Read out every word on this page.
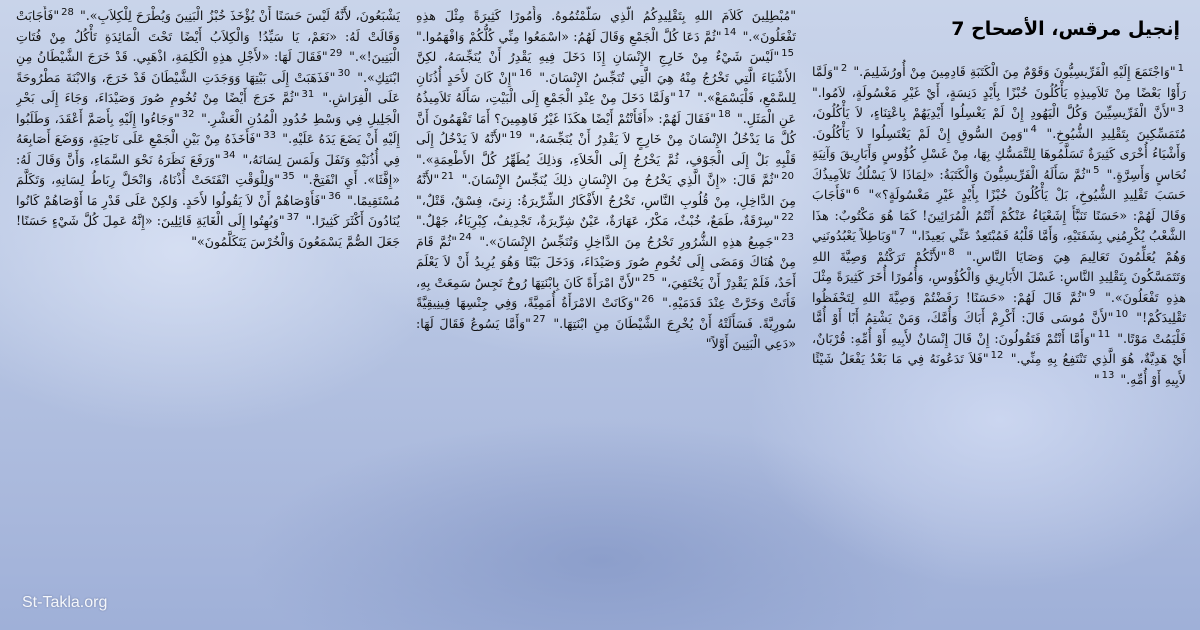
إنجيل مرقس، الأصحاح 7
$^1$"وَاجْتَمَعَ إِلَيْهِ الْفَرِّيسِيُّونَ وَقَوْمٌ مِنَ الْكَتَبَةِ قَادِمِينَ مِنْ أُورُشَلِيمَ." $^2$"وَلَمَّا رَأَوْا بَعْضًا مِنْ تَلاَمِيذِهِ يَأْكُلُونَ خُبْزًا بِأَيْدٍ دَنِسَةٍ، أَيْ غَيْرِ مَغْسُولَةٍ، لاَمُوا." $^3$"لأَنَّ الْفَرِّيسِيِّينَ وَكُلَّ الْيَهُودِ إِنْ لَمْ يَغْسِلُوا أَيْدِيَهُمْ بِاعْتِنَاءٍ، لاَ يَأْكُلُونَ، مُتَمَسِّكِينَ بِتَقْلِيدِ الشُّيُوخِ." $^4$"وَمِنَ السُّوقِ إِنْ لَمْ يَغْتَسِلُوا لاَ يَأْكُلُونَ. وَأَشْيَاءُ أُخْرَى كَثِيرَةٌ تَسَلَّمُوهَا لِلتَّمَسُّكِ بِهَا، مِنْ غَسْلِ كُؤُوسٍ وَأَبَارِيقَ وَآنِيَةِ نُحَاسٍ وَأَسِرَّةٍ." $^5$"ثُمَّ سَأَلَهُ الْفَرِّيسِيُّونَ وَالْكَتَبَةُ: «لِمَاذَا لاَ يَسْلُكُ تَلاَمِيذُكَ حَسَبَ تَقْلِيدِ الشُّيُوخِ، بَلْ يَأْكُلُونَ خُبْزًا بِأَيْدٍ غَيْرِ مَغْسُولَةٍ؟»" $^6$"فَأَجَابَ وَقَالَ لَهُمْ: «حَسَنًا تَنَبَّأَ إِشَعْيَاءُ عَنْكُمْ أَنْتُمُ الْمُرَائِينَ! كَمَا هُوَ مَكْتُوبٌ: هذَا الشَّعْبُ يُكْرِمُنِي بِشَفَتَيْهِ، وَأَمَّا قَلْبُهُ فَمُبْتَعِدٌ عَنِّي بَعِيدًا،" $^7$"وَبَاطِلاً يَعْبُدُونَنِي وَهُمْ يُعَلِّمُونَ تَعَالِيمَ هِيَ وَصَايَا النَّاسِ." $^8$"لأَنَّكُمْ تَرَكْتُمْ وَصِيَّةَ اللهِ وَتَتَمَسَّكُونَ بِتَقْلِيدِ النَّاسِ: غَسْلَ الأَبَارِيقِ وَالْكُؤُوسِ، وَأُمُورًا أُخَرَ كَثِيرَةً مِثْلَ هذِهِ تَفْعَلُونَ»." $^9$"ثُمَّ قَالَ لَهُمْ: «حَسَنًا! رَفَضْتُمْ وَصِيَّةَ اللهِ لِتَحْفَظُوا تَقْلِيدَكُمْ!" $^{10}$"لأَنَّ مُوسَى قَالَ: أَكْرِمْ أَبَاكَ وَأُمَّكَ، وَمَنْ يَشْتِمُ أَبًا أَوْ أُمًّا فَلْيَمُتْ مَوْتًا." $^{11}$"وَأَمَّا أَنْتُمْ فَتَقُولُونَ: إِنْ قَالَ إِنْسَانٌ لأَبِيهِ أَوْ أُمِّهِ: قُرْبَانٌ، أَيْ هَدِيَّةٌ، هُوَ الَّذِي تَنْتَفِعُ بِهِ مِنِّي." $^{12}$"فَلاَ تَدَعُونَهُ فِي مَا بَعْدُ يَفْعَلُ شَيْئًا لأَبِيهِ أَوْ أُمِّهِ." $^{13}$"
"مُبْطِلِينَ كَلاَمَ اللهِ بِتَقْلِيدِكُمُ الَّذِي سَلَّمْتُمُوهُ. وَأُمُورًا كَثِيرَةً مِثْلَ هذِهِ تَفْعَلُونَ»." $^{14}$"ثُمَّ دَعَا كُلَّ الْجَمْعِ وَقَالَ لَهُمُ: «اسْمَعُوا مِنِّي كُلُّكُمْ وَافْهَمُوا." $^{15}$"لَيْسَ شَيْءٌ مِنْ خَارِجِ الإِنْسَانِ إِذَا دَخَلَ فِيهِ يَقْدِرُ أَنْ يُنَجِّسَهُ، لكِنَّ الأَشْيَاءَ الَّتِي تَخْرُجُ مِنْهُ هِيَ الَّتِي تُنَجِّسُ الإِنْسَانَ." $^{16}$"إِنْ كَانَ لأَحَدٍ أُذُنَانِ لِلسَّمْعِ، فَلْيَسْمَعْ»." $^{17}$"وَلَمَّا دَخَلَ مِنْ عِنْدِ الْجَمْعِ إِلَى الْبَيْتِ، سَأَلَهُ تَلاَمِيذُهُ عَنِ الْمَثَلِ." $^{18}$"فَقَالَ لَهُمْ: «أَفَأَنْتُمْ أَيْضًا هكَذَا غَيْرُ فَاهِمِينَ؟ أَمَا تَفْهَمُونَ أَنَّ كُلَّ مَا يَدْخُلُ الإِنْسَانَ مِنْ خَارِجٍ لاَ يَقْدِرُ أَنْ يُنَجِّسَهُ،" $^{19}$"لأَنَّهُ لاَ يَدْخُلُ إِلَى قَلْبِهِ بَلْ إِلَى الْجَوْفِ، ثُمَّ يَخْرُجُ إِلَى الْخَلاَءِ، وَذلِكَ يُطَهِّرُ كُلَّ الأَطْعِمَةِ»." $^{20}$"ثُمَّ قَالَ: «إِنَّ الَّذِي يَخْرُجُ مِنَ الإِنْسَانِ ذلِكَ يُنَجِّسُ الإِنْسَانَ." $^{21}$"لأَنَّهُ مِنَ الدَّاخِلِ، مِنْ قُلُوبِ النَّاسِ، تَخْرُجُ الأَفْكَارُ الشِّرِّيرَةُ: زِنىً، فِسْقٌ، قَتْلٌ،" $^{22}$"سِرْقَةٌ، طَمَعٌ، خُبْثٌ، مَكْرٌ، عَهَارَةٌ، عَيْنٌ شِرِّيرَةٌ، تَجْدِيفٌ، كِبْرِيَاءُ، جَهْلٌ." $^{23}$"جَمِيعُ هذِهِ الشُّرُورِ تَخْرُجُ مِنَ الدَّاخِلِ وَتُنَجِّسُ الإِنْسَانَ»." $^{24}$"ثُمَّ قَامَ مِنْ هُنَاكَ وَمَضَى إِلَى تُخُومِ صُورَ وَصَيْدَاءَ، وَدَخَلَ بَيْتًا وَهُوَ يُرِيدُ أَنْ لاَ يَعْلَمَ أَحَدٌ، فَلَمْ يَقْدِرْ أَنْ يَخْتَفِيَ،" $^{25}$"لأَنَّ امْرَأَةً كَانَ بِابْنَتِهَا رُوحٌ نَجِسٌ سَمِعَتْ بِهِ، فَأَتَتْ وَخَرَّتْ عِنْدَ قَدَمَيْهِ." $^{26}$"وَكَانَتْ الامْرَأَةُ أُمَمِيَّةً، وَفِي جِنْسِهَا فِينِيقِيَّةً سُورِيَّةً. فَسَأَلَتْهُ أَنْ يُخْرِجَ الشَّيْطَانَ مِنِ ابْنَتِهَا." $^{27}$"وَأَمَّا يَسُوعُ فَقَالَ لَهَا: «دَعِي الْبَنِينَ أَوَّلاً"
يَشْبَعُونَ، لأَنَّهُ لَيْسَ حَسَنًا أَنْ يُؤْخَذَ خُبْزُ الْبَنِينَ وَيُطْرَحَ لِلْكِلاَبِ»." $^{28}$"فَأَجَابَتْ وَقَالَتْ لَهُ: «نَعَمْ، يَا سَيِّدُ! وَالْكِلاَبُ أَيْضًا تَحْتَ الْمَائِدَةِ تَأْكُلُ مِنْ فُتَاتِ الْبَنِينَ!»." $^{29}$"فَقَالَ لَهَا: «لأَجْلِ هذِهِ الْكَلِمَةِ، اذْهَبِي. قَدْ خَرَجَ الشَّيْطَانُ مِنِ ابْنَتِكِ»." $^{30}$"فَذَهَبَتْ إِلَى بَيْتِهَا وَوَجَدَتِ الشَّيْطَانَ قَدْ خَرَجَ، وَالابْنَةَ مَطْرُوحَةً عَلَى الْفِرَاشِ." $^{31}$"ثُمَّ خَرَجَ أَيْضًا مِنْ تُخُومِ صُورَ وَصَيْدَاءَ، وَجَاءَ إِلَى بَحْرِ الْجَلِيلِ فِي وَسْطِ حُدُودِ الْمُدُنِ الْعَشْرِ." $^{32}$"وَجَاءُوا إِلَيْهِ بِأَصَمَّ أَعْقَدَ، وَطَلَبُوا إِلَيْهِ أَنْ يَضَعَ يَدَهُ عَلَيْهِ." $^{33}$"فَأَخَذَهُ مِنْ بَيْنِ الْجَمْعِ عَلَى نَاحِيَةٍ، وَوَضَعَ أَصَابِعَهُ فِي أُذُنَيْهِ وَتَفَلَ وَلَمَسَ لِسَانَهُ،" $^{34}$"وَرَفَعَ نَظَرَهُ نَحْوَ السَّمَاءِ، وَأَنَّ وَقَالَ لَهُ: «إِفَّثَا». أَيِ انْفَتِحْ." $^{35}$"وَلِلْوَقْتِ انْفَتَحَتْ أُذْنَاهُ، وَانْحَلَّ رِبَاطُ لِسَانِهِ، وَتَكَلَّمَ مُسْتَقِيمًا." $^{36}$"فَأَوْصَاهُمْ أَنْ لاَ يَقُولُوا لأَحَدٍ. وَلكِنْ عَلَى قَدْرِ مَا أَوْصَاهُمْ كَانُوا يُنَادُونَ أَكْثَرَ كَثِيرًا." $^{37}$"وَبُهِتُوا إِلَى الْغَايَةِ قَائِلِينَ: «إِنَّهُ عَمِلَ كُلَّ شَيْءٍ حَسَنًا! جَعَلَ الصُّمَّ يَسْمَعُونَ وَالْخُرْسَ يَتَكَلَّمُونَ»"
St-Takla.org
